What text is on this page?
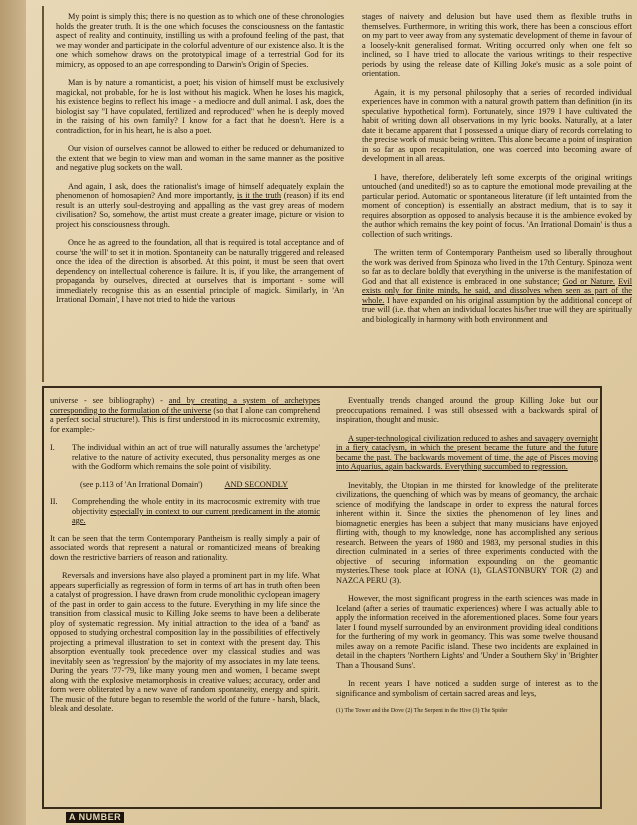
My point is simply this; there is no question as to which one of these chronologies holds the greater truth. It is the one which focuses the consciousness on the fantastic aspect of reality and continuity, instilling us with a profound feeling of the past, that we may wonder and participate in the colorful adventure of our existence also. It is the one which somehow draws on the prototypical image of a terrestrial God for its mimicry, as opposed to an ape corresponding to Darwin's Origin of Species.

Man is by nature a romanticist, a poet; his vision of himself must be exclusively magickal, not probable, for he is lost without his magick. When he loses his magick, his existence begins to reflect his image - a mediocre and dull animal. I ask, does the biologist say "I have copulated, fertilized and reproduced" when he is deeply moved in the raising of his own family? I know for a fact that he doesn't. Here is a contradiction, for in his heart, he is also a poet.

Our vision of ourselves cannot be allowed to either be reduced or dehumanized to the extent that we begin to view man and woman in the same manner as the positive and negative plug sockets on the wall.

And again, I ask, does the rationalist's image of himself adequately explain the phenomenon of homosapien? And more importantly, is it the truth (reason) if its end result is an utterly soul-destroying and appalling as the vast grey areas of modern civilisation? So, somehow, the artist must create a greater image, picture or vision to project his consciousness through.

Once he as agreed to the foundation, all that is required is total acceptance and of course 'the will' to set it in motion. Spontaneity can be naturally triggered and released once the idea of the direction is absorbed. At this point, it must be seen that overt dependency on intellectual coherence is failure. It is, if you like, the arrangement of propaganda by ourselves, directed at ourselves that is important - some will immediately recognise this as an essential principle of magick. Similarly, in 'An Irrational Domain', I have not tried to hide the various

stages of naivety and delusion but have used them as flexible truths in themselves. Furthermore, in writing this work, there has been a conscious effort on my part to veer away from any systematic development of theme in favour of a loosely-knit generalised format. Writing occurred only when one felt so inclined, so I have tried to allocate the various writings to their respective periods by using the release date of Killing Joke's music as a sole point of orientation.

Again, it is my personal philosophy that a series of recorded individual experiences have in common with a natural growth pattern than definition (in its speculative hypothetical form). Fortunately, since 1979 I have cultivated the habit of writing down all observations in my lyric books. Naturally, at a later date it became apparent that I possessed a unique diary of records correlating to the precise work of music being written. This alone became a point of inspiration in so far as upon recapitulation, one was coerced into becoming aware of development in all areas.

I have, therefore, deliberately left some excerpts of the original writings untouched (and unedited!) so as to capture the emotional mode prevailing at the particular period. Automatic or spontaneous literature (if left untainted from the moment of conception) is essentially an abstract medium, that is to say it requires absorption as opposed to analysis because it is the ambience evoked by the author which remains the key point of focus. 'An Irrational Domain' is thus a collection of such writings.

The written term of Contemporary Pantheism used so liberally throughout the work was derived from Spinoza who lived in the 17th Century. Spinoza went so far as to declare boldly that everything in the universe is the manifestation of God and that all existence is embraced in one substance; God or Nature. Evil exists only for finite minds, he said, and dissolves when seen as part of the whole. I have expanded on his original assumption by the additional concept of true will (i.e. that when an individual locates his/her true will they are spiritually and biologically in harmony with both environment and

universe - see bibliography) - and by creating a system of archetypes corresponding to the formulation of the universe (so that I alone can comprehend a perfect social structure!). This is first understood in its microcosmic extremity, for example:-

I.	The individual within an act of true will naturally assumes the 'archetype' relative to the nature of activity executed, thus personality merges as one with the Godform which remains the sole point of visibility.
(see p.113 of 'An Irrational Domain')	AND SECONDLY
II.	Comprehending the whole entity in its macrocosmic extremity with true objectivity especially in context to our current predicament in the atomic age.

It can be seen that the term Contemporary Pantheism is really simply a pair of associated words that represent a natural or romanticized means of breaking down the restrictive barriers of reason and rationality.

Reversals and inversions have also played a prominent part in my life. What appears superficially as regression of form in terms of art has in truth often been a catalyst of progression. I have drawn from crude monolithic cyclopean imagery of the past in order to gain access to the future. Everything in my life since the transition from classical music to Killing Joke seems to have been a deliberate ploy of systematic regression. My initial attraction to the idea of a 'band' as opposed to studying orchestral composition lay in the possibilities of effectively projecting a primeval illustration to set in context with the present day. This absorption eventually took precedence over my classical studies and was inevitably seen as 'regression' by the majority of my associates in my late teens. During the years '77-'79, like many young men and women, I became swept along with the explosive metamorphosis in creative values; accuracy, order and form were obliterated by a new wave of random spontaneity, energy and spirit. The music of the future began to resemble the world of the future - harsh, black, bleak and desolate.

Eventually trends changed around the group Killing Joke but our preoccupations remained. I was still obsessed with a backwards spiral of inspiration, thought and music.

A super-technological civilization reduced to ashes and savagery overnight in a fiery cataclysm, in which the present became the future and the future became the past. The backwards movement of time, the age of Pisces moving into Aquarius, again backwards. Everything succumbed to regression.

Inevitably, the Utopian in me thirsted for knowledge of the preliterate civilizations, the quenching of which was by means of geomancy, the archaic science of modifying the landscape in order to express the natural forces inherent within it. Since the sixties the phenomenon of ley lines and biomagnetic energies has been a subject that many musicians have enjoyed flirting with, though to my knowledge, none has accomplished any serious research. Between the years of 1980 and 1983, my personal studies in this direction culminated in a series of three experiments conducted with the objective of securing information expounding on the geomantic mysteries.These took place at IONA (1), GLASTONBURY TOR (2) and NAZCA PERU (3).

However, the most significant progress in the earth sciences was made in Iceland (after a series of traumatic experiences) where I was actually able to apply the information received in the aforementioned places. Some four years later I found myself surrounded by an environment providing ideal conditions for the furthering of my work in geomancy. This was some twelve thousand miles away on a remote Pacific island. These two incidents are explained in detail in the chapters 'Northern Lights' and 'Under a Southern Sky' in 'Brighter Than a Thousand Suns'.

In recent years I have noticed a sudden surge of interest as to the significance and symbolism of certain sacred areas and leys,

(1) The Tower and the Dove (2) The Serpent in the Hive (3) The Spider

A NUMBER
